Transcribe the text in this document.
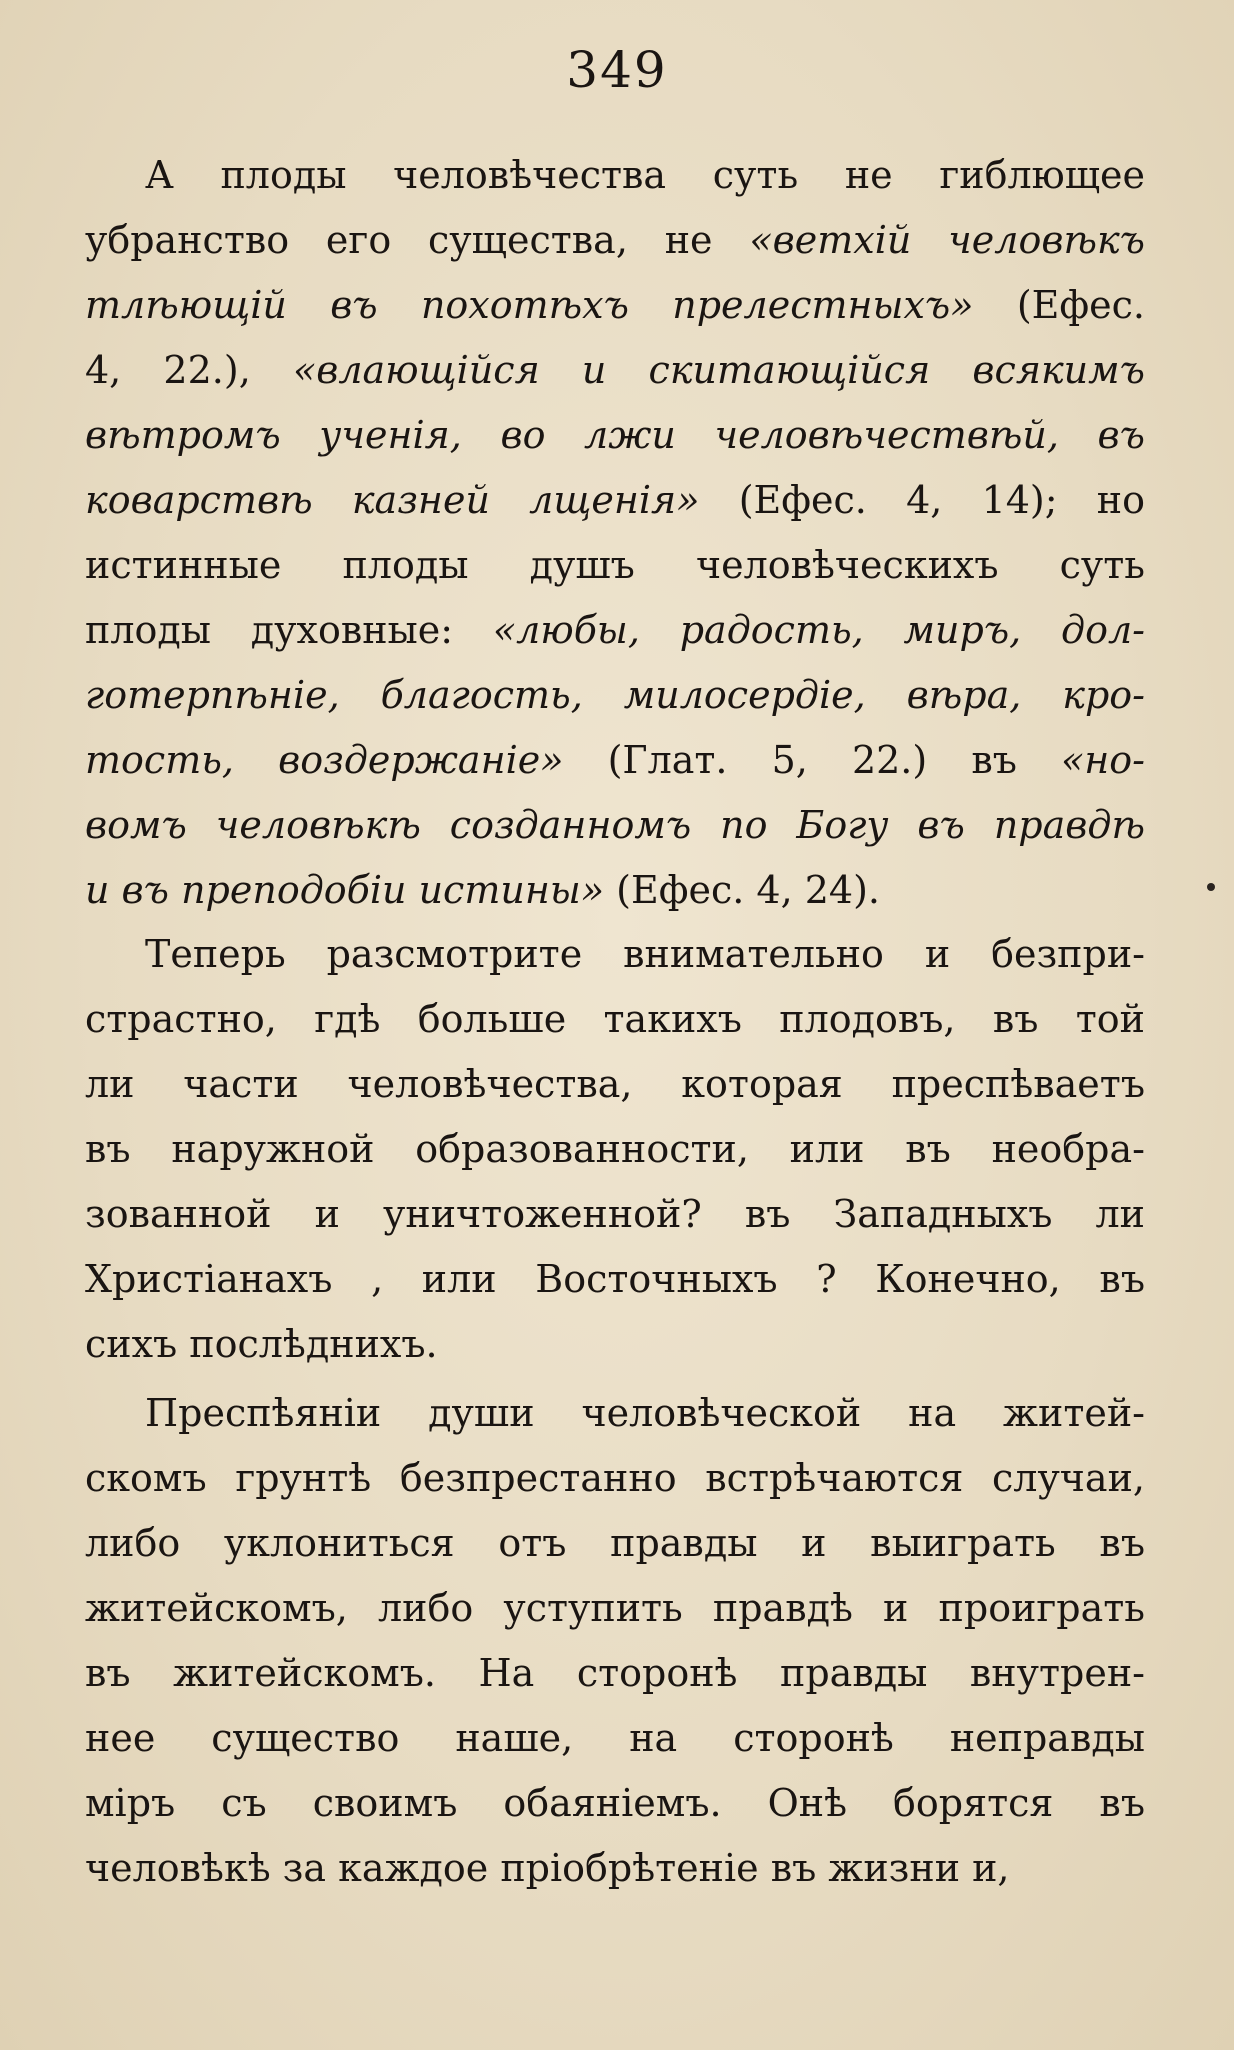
349
А плоды человѣчества суть не гиблющее
убранство его существа, не «ветхій человѣкъ
тлѣющій въ похотѣхъ прелестныхъ» (Ефес.
4, 22.), «влающійся и скитающійся всякимъ
вѣтромъ ученія, во лжи человѣчествѣй, въ
коварствѣ казней лщенія» (Ефес. 4, 14); но
истинные плоды душъ человѣческихъ суть
плоды духовные: «любы, радость, миръ, дол-
готерпѣніе, благость, милосердіе, вѣра, кро-
тость, воздержаніе» (Глат. 5, 22.) въ «но-
вомъ человѣкѣ созданномъ по Богу въ правдѣ
и въ преподобіи истины» (Ефес. 4, 24).
Теперь разсмотрите внимательно и безпри-
страстно, гдѣ больше такихъ плодовъ, въ той
ли части человѣчества, которая преспѣваетъ
въ наружной образованности, или въ необра-
зованной и уничтоженной? въ Западныхъ ли
Христіанахъ , или Восточныхъ ? Конечно, въ
сихъ послѣднихъ.
Преспѣяніи души человѣческой на житей-
скомъ грунтѣ безпрестанно встрѣчаются случаи,
либо уклониться отъ правды и выиграть въ
житейскомъ, либо уступить правдѣ и проиграть
въ житейскомъ. На сторонѣ правды внутрен-
нее существо наше, на сторонѣ неправды
міръ съ своимъ обаяніемъ. Онѣ борятся въ
человѣкѣ за каждое пріобрѣтеніе въ жизни и,
